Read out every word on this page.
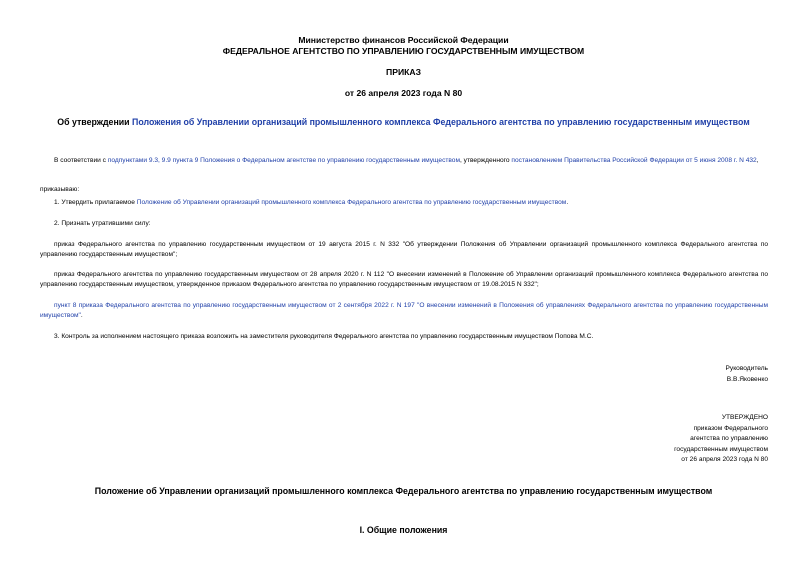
Министерство финансов Российской Федерации
ФЕДЕРАЛЬНОЕ АГЕНТСТВО ПО УПРАВЛЕНИЮ ГОСУДАРСТВЕННЫМ ИМУЩЕСТВОМ
ПРИКАЗ
от 26 апреля 2023 года N 80
Об утверждении Положения об Управлении организаций промышленного комплекса Федерального агентства по управлению государственным имуществом

В соответствии с подпунктами 9.3, 9.9 пункта 9 Положения о Федеральном агентстве по управлению государственным имуществом, утвержденного постановлением Правительства Российской Федерации от 5 июня 2008 г. N 432,

приказываю:

1. Утвердить прилагаемое Положение об Управлении организаций промышленного комплекса Федерального агентства по управлению государственным имуществом.

2. Признать утратившими силу:

приказ Федерального агентства по управлению государственным имуществом от 19 августа 2015 г. N 332 "Об утверждении Положения об Управлении организаций промышленного комплекса Федерального агентства по управлению государственным имуществом";

приказ Федерального агентства по управлению государственным имуществом от 28 апреля 2020 г. N 112 "О внесении изменений в Положение об Управлении организаций промышленного комплекса Федерального агентства по управлению государственным имуществом, утвержденное приказом Федерального агентства по управлению государственным имуществом от 19.08.2015 N 332";

пункт 8 приказа Федерального агентства по управлению государственным имуществом от 2 сентября 2022 г. N 197 "О внесении изменений в Положения об управлениях Федерального агентства по управлению государственным имуществом".

3. Контроль за исполнением настоящего приказа возложить на заместителя руководителя Федерального агентства по управлению государственным имуществом Попова М.С.

Руководитель
В.В.Яковенко
УТВЕРЖДЕНО
приказом Федерального
агентства по управлению
государственным имуществом
от 26 апреля 2023 года N 80
Положение об Управлении организаций промышленного комплекса Федерального агентства по управлению государственным имуществом
I. Общие положения
